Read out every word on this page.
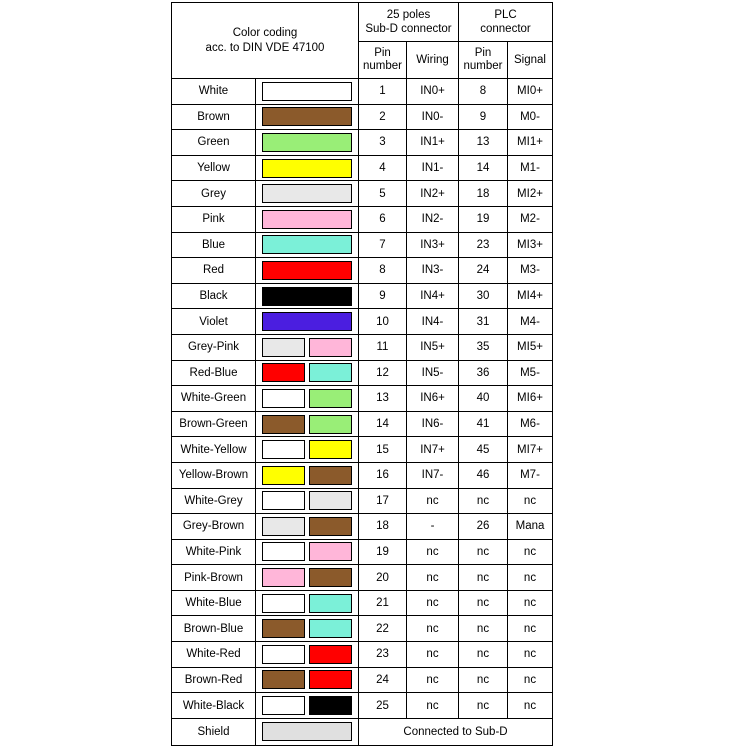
Color coding
acc. to DIN VDE 47100

25 poles
Sub-D connector

PLC
connector

Pin
number
	Wiring	
Pin
number
	Signal
White		1	IN0+	8	MI0+
Brown		2	IN0-	9	M0-
Green		3	IN1+	13	MI1+
Yellow		4	IN1-	14	M1-
Grey		5	IN2+	18	MI2+
Pink		6	IN2-	19	M2-
Blue		7	IN3+	23	MI3+
Red		8	IN3-	24	M3-
Black		9	IN4+	30	MI4+
Violet		10	IN4-	31	M4-
Grey-Pink		11	IN5+	35	MI5+
Red-Blue		12	IN5-	36	M5-
White-Green		13	IN6+	40	MI6+
Brown-Green		14	IN6-	41	M6-
White-Yellow		15	IN7+	45	MI7+
Yellow-Brown		16	IN7-	46	M7-
White-Grey		17	nc	nc	nc
Grey-Brown		18	-	26	Mana
White-Pink		19	nc	nc	nc
Pink-Brown		20	nc	nc	nc
White-Blue		21	nc	nc	nc
Brown-Blue		22	nc	nc	nc
White-Red		23	nc	nc	nc
Brown-Red		24	nc	nc	nc
White-Black		25	nc	nc	nc
Shield		Connected to Sub-D			
